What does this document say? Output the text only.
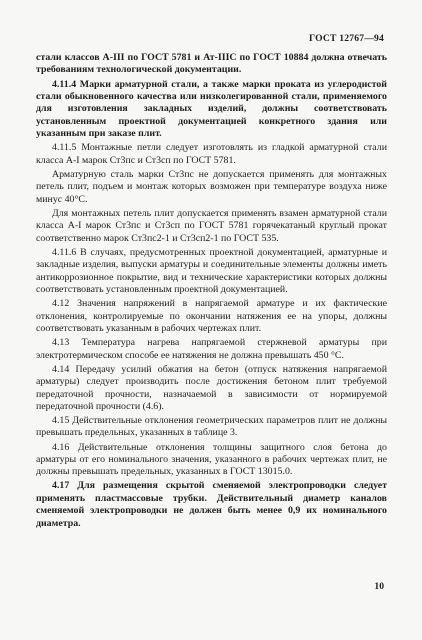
ГОСТ 12767—94

стали классов А-III по ГОСТ 5781 и Ат-IIIС по ГОСТ 10884 должна отвечать требованиям технологической документации.

4.11.4 Марки арматурной стали, а также марки проката из углеродистой стали обыкновенного качества или низколегированной стали, применяемого для изготовления закладных изделий, должны соответствовать установленным проектной документацией конкретного здания или указанным при заказе плит.

4.11.5 Монтажные петли следует изготовлять из гладкой арматурной стали класса А-I марок Ст3пс и Ст3сп по ГОСТ 5781.

Арматурную сталь марки Ст3пс не допускается применять для монтажных петель плит, подъем и монтаж которых возможен при температуре воздуха ниже минус 40°С.

Для монтажных петель плит допускается применять взамен арматурной стали класса А-I марок Ст3пс и Ст3сп по ГОСТ 5781 горячекатаный круглый прокат соответственно марок Ст3пс2-1 и Ст3сп2-1 по ГОСТ 535.

4.11.6 В случаях, предусмотренных проектной документацией, арматурные и закладные изделия, выпуски арматуры и соединительные элементы должны иметь антикоррозионное покрытие, вид и технические характеристики которых должны соответствовать установленным проектной документацией.

4.12 Значения напряжений в напрягаемой арматуре и их фактические отклонения, контролируемые по окончании натяжения ее на упоры, должны соответствовать указанным в рабочих чертежах плит.

4.13 Температура нагрева напрягаемой стержневой арматуры при электротермическом способе ее натяжения не должна превышать 450 °С.

4.14 Передачу усилий обжатия на бетон (отпуск натяжения напрягаемой арматуры) следует производить после достижения бетоном плит требуемой передаточной прочности, назначаемой в зависимости от нормируемой передаточной прочности (4.6).

4.15 Действительные отклонения геометрических параметров плит не должны превышать предельных, указанных в таблице 3.

4.16 Действительные отклонения толщины защитного слоя бетона до арматуры от его номинального значения, указанного в рабочих чертежах плит, не должны превышать предельных, указанных в ГОСТ 13015.0.

4.17 Для размещения скрытой сменяемой электропроводки следует применять пластмассовые трубки. Действительный диаметр каналов сменяемой электропроводки не должен быть менее 0,9 их номинального диаметра.

10
